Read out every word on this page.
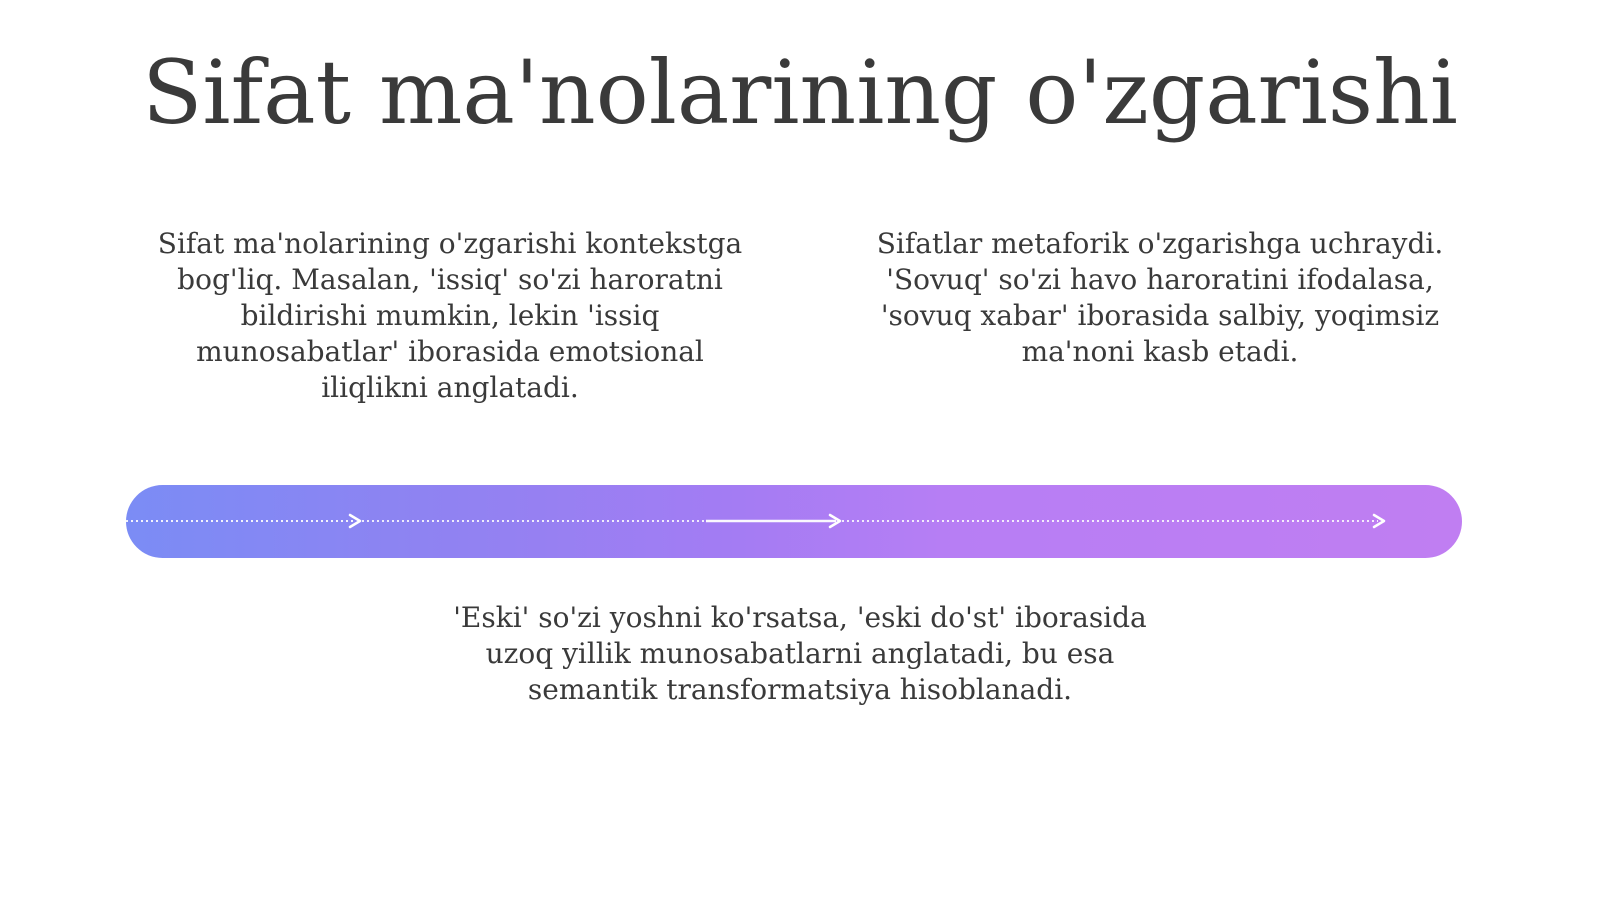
Sifat ma'nolarining o'zgarishi

Sifat ma'nolarining o'zgarishi kontekstga bog'liq. Masalan, 'issiq' so'zi haroratni bildirishi mumkin, lekin 'issiq munosabatlar' iborasida emotsional iliqlikni anglatadi.

Sifatlar metaforik o'zgarishga uchraydi. 'Sovuq' so'zi havo haroratini ifodalasa, 'sovuq xabar' iborasida salbiy, yoqimsiz ma'noni kasb etadi.

'Eski' so'zi yoshni ko'rsatsa, 'eski do'st' iborasida uzoq yillik munosabatlarni anglatadi, bu esa semantik transformatsiya hisoblanadi.
